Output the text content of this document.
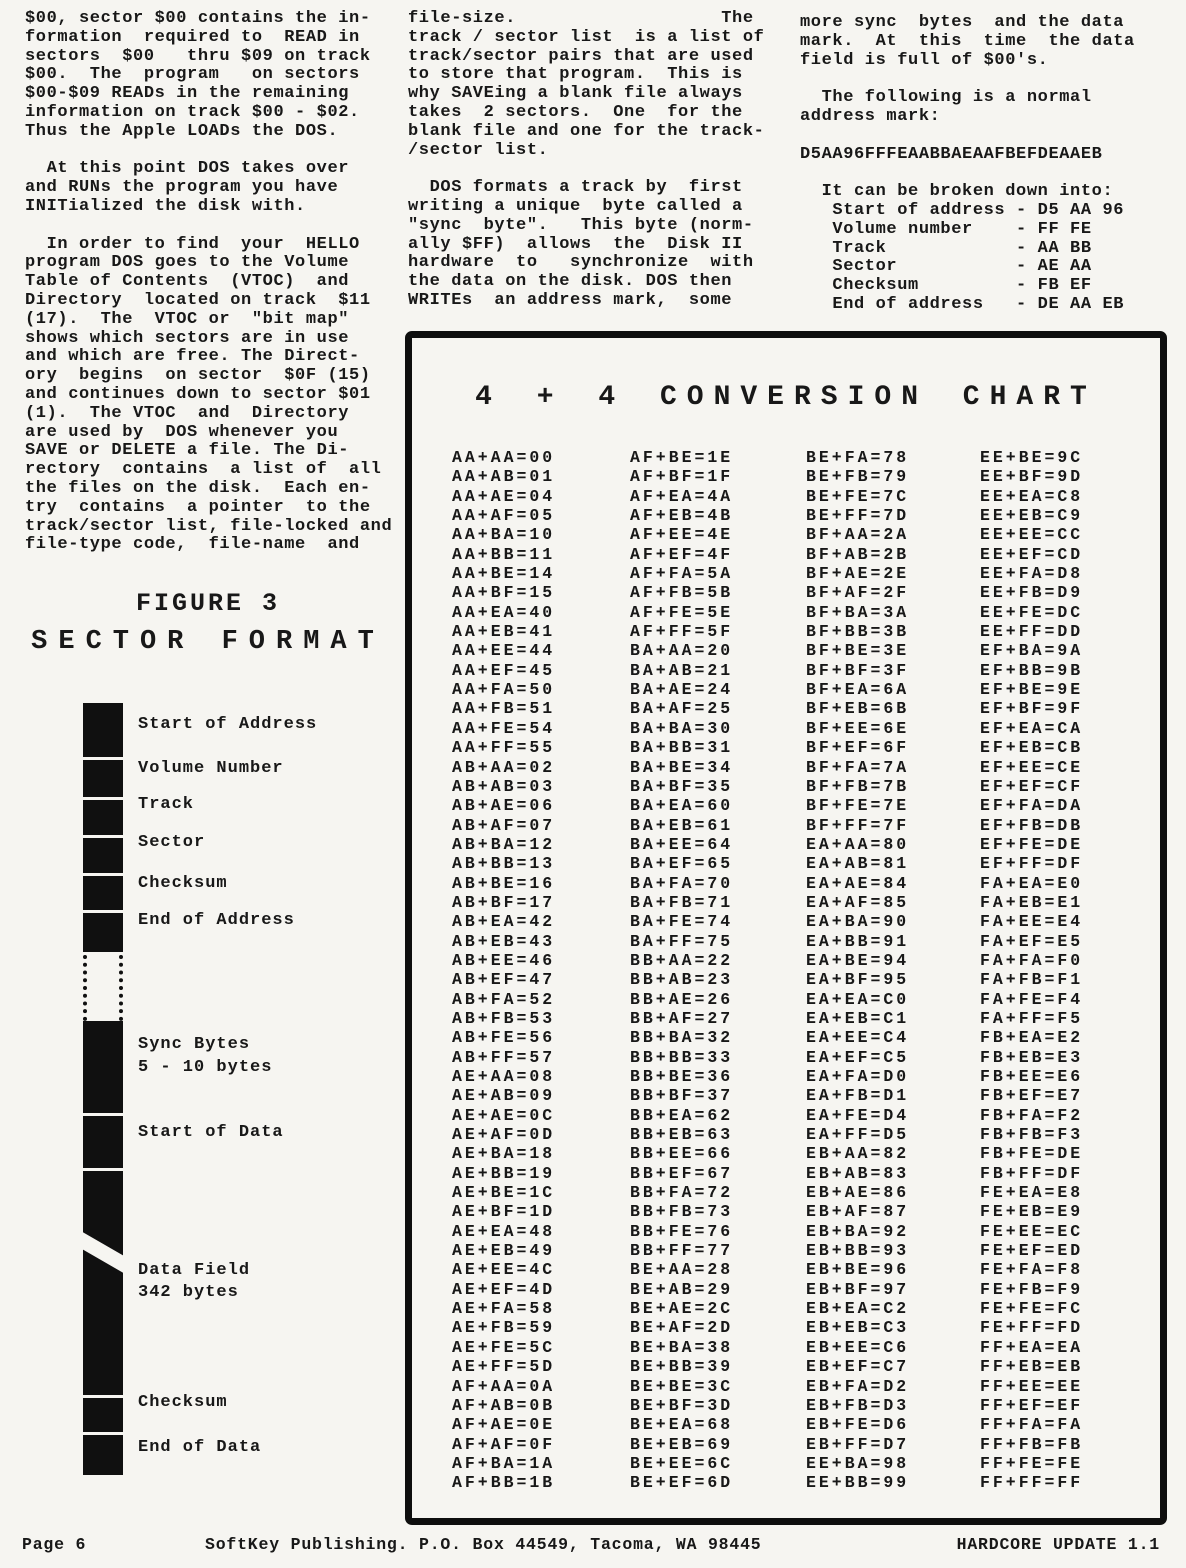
$00, sector $00 contains the in-
formation  required to  READ in
sectors  $00   thru $09 on track
$00.  The  program   on sectors
$00-$09 READs in the remaining
information on track $00 - $02.
Thus the Apple LOADs the DOS.

At this point DOS takes over
and RUNs the program you have
INITialized the disk with.

In order to find  your  HELLO
program DOS goes to the Volume
Table of Contents  (VTOC)  and
Directory  located on track  $11
(17).  The  VTOC or  "bit map"
shows which sectors are in use
and which are free. The Direct-
ory  begins  on sector  $0F (15)
and continues down to sector $01
(1).  The VTOC  and  Directory
are used by  DOS whenever you
SAVE or DELETE a file. The Di-
rectory  contains  a list of  all
the files on the disk.  Each en-
try  contains  a pointer  to the
track/sector list, file-locked and
file-type code,  file-name  and
file-size.                   The
track / sector list  is a list of
track/sector pairs that are used
to store that program.  This is
why SAVEing a blank file always
takes  2 sectors.  One  for the
blank file and one for the track-
/sector list.

DOS formats a track by  first
writing a unique  byte called a
"sync  byte".   This byte (norm-
ally $FF)  allows  the  Disk II
hardware  to   synchronize  with
the data on the disk. DOS then
WRITEs  an address mark,  some
more sync  bytes  and the data
mark.  At  this  time  the data
field is full of $00's.

The following is a normal
address mark:

D5AA96FFFEAABBAEAAFBEFDEAAEB

It can be broken down into:
Start of address - D5 AA 96
Volume number    - FF FE
Track            - AA BB
Sector           - AE AA
Checksum         - FB EF
End of address   - DE AA EB
FIGURE 3
SECTOR FORMAT
Start of Address
Volume Number
Track
Sector
Checksum
End of Address
Sync Bytes
5 - 10 bytes
Start of Data
Data Field
342 bytes
Checksum
End of Data
4 + 4 CONVERSION CHART
AA+AA=00
AA+AB=01
AA+AE=04
AA+AF=05
AA+BA=10
AA+BB=11
AA+BE=14
AA+BF=15
AA+EA=40
AA+EB=41
AA+EE=44
AA+EF=45
AA+FA=50
AA+FB=51
AA+FE=54
AA+FF=55
AB+AA=02
AB+AB=03
AB+AE=06
AB+AF=07
AB+BA=12
AB+BB=13
AB+BE=16
AB+BF=17
AB+EA=42
AB+EB=43
AB+EE=46
AB+EF=47
AB+FA=52
AB+FB=53
AB+FE=56
AB+FF=57
AE+AA=08
AE+AB=09
AE+AE=0C
AE+AF=0D
AE+BA=18
AE+BB=19
AE+BE=1C
AE+BF=1D
AE+EA=48
AE+EB=49
AE+EE=4C
AE+EF=4D
AE+FA=58
AE+FB=59
AE+FE=5C
AE+FF=5D
AF+AA=0A
AF+AB=0B
AF+AE=0E
AF+AF=0F
AF+BA=1A
AF+BB=1B
AF+BE=1E
AF+BF=1F
AF+EA=4A
AF+EB=4B
AF+EE=4E
AF+EF=4F
AF+FA=5A
AF+FB=5B
AF+FE=5E
AF+FF=5F
BA+AA=20
BA+AB=21
BA+AE=24
BA+AF=25
BA+BA=30
BA+BB=31
BA+BE=34
BA+BF=35
BA+EA=60
BA+EB=61
BA+EE=64
BA+EF=65
BA+FA=70
BA+FB=71
BA+FE=74
BA+FF=75
BB+AA=22
BB+AB=23
BB+AE=26
BB+AF=27
BB+BA=32
BB+BB=33
BB+BE=36
BB+BF=37
BB+EA=62
BB+EB=63
BB+EE=66
BB+EF=67
BB+FA=72
BB+FB=73
BB+FE=76
BB+FF=77
BE+AA=28
BE+AB=29
BE+AE=2C
BE+AF=2D
BE+BA=38
BE+BB=39
BE+BE=3C
BE+BF=3D
BE+EA=68
BE+EB=69
BE+EE=6C
BE+EF=6D
BE+FA=78
BE+FB=79
BE+FE=7C
BE+FF=7D
BF+AA=2A
BF+AB=2B
BF+AE=2E
BF+AF=2F
BF+BA=3A
BF+BB=3B
BF+BE=3E
BF+BF=3F
BF+EA=6A
BF+EB=6B
BF+EE=6E
BF+EF=6F
BF+FA=7A
BF+FB=7B
BF+FE=7E
BF+FF=7F
EA+AA=80
EA+AB=81
EA+AE=84
EA+AF=85
EA+BA=90
EA+BB=91
EA+BE=94
EA+BF=95
EA+EA=C0
EA+EB=C1
EA+EE=C4
EA+EF=C5
EA+FA=D0
EA+FB=D1
EA+FE=D4
EA+FF=D5
EB+AA=82
EB+AB=83
EB+AE=86
EB+AF=87
EB+BA=92
EB+BB=93
EB+BE=96
EB+BF=97
EB+EA=C2
EB+EB=C3
EB+EE=C6
EB+EF=C7
EB+FA=D2
EB+FB=D3
EB+FE=D6
EB+FF=D7
EE+BA=98
EE+BB=99
EE+BE=9C
EE+BF=9D
EE+EA=C8
EE+EB=C9
EE+EE=CC
EE+EF=CD
EE+FA=D8
EE+FB=D9
EE+FE=DC
EE+FF=DD
EF+BA=9A
EF+BB=9B
EF+BE=9E
EF+BF=9F
EF+EA=CA
EF+EB=CB
EF+EE=CE
EF+EF=CF
EF+FA=DA
EF+FB=DB
EF+FE=DE
EF+FF=DF
FA+EA=E0
FA+EB=E1
FA+EE=E4
FA+EF=E5
FA+FA=F0
FA+FB=F1
FA+FE=F4
FA+FF=F5
FB+EA=E2
FB+EB=E3
FB+EE=E6
FB+EF=E7
FB+FA=F2
FB+FB=F3
FB+FE=DE
FB+FF=DF
FE+EA=E8
FE+EB=E9
FE+EE=EC
FE+EF=ED
FE+FA=F8
FE+FB=F9
FE+FE=FC
FE+FF=FD
FF+EA=EA
FF+EB=EB
FF+EE=EE
FF+EF=EF
FF+FA=FA
FF+FB=FB
FF+FE=FE
FF+FF=FF
Page 6	SoftKey Publishing. P.O. Box 44549, Tacoma, WA 98445	HARDCORE UPDATE 1.1
